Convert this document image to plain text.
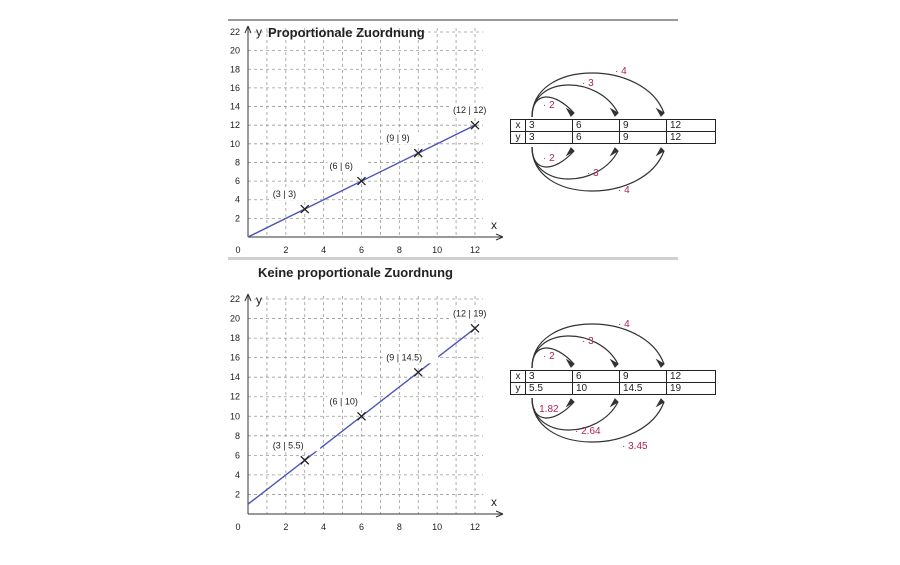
y
x
2
4
6
8
10
12
14
16
18
20
22
0	2	4	6	8	10	12
Proportionale Zuordnung
(3 | 3)
(6 | 6)
(9 | 9)
(12 | 12)
y
x
2
4
6
8
10
12
14
16
18
20
22
0	2	4	6	8	10	12
Keine proportionale Zuordnung
(3 | 5.5)
(6 | 10)
(9 | 14.5)
(12 | 19)
x	3	6	9	12
y	3	6	9	12
x	3	6	9	12
y	5.5	10	14.5	19
· 2
· 3
· 4
· 2
· 3
· 4
· 2
· 3
· 4
· 1.82
· 2.64
· 3.45
